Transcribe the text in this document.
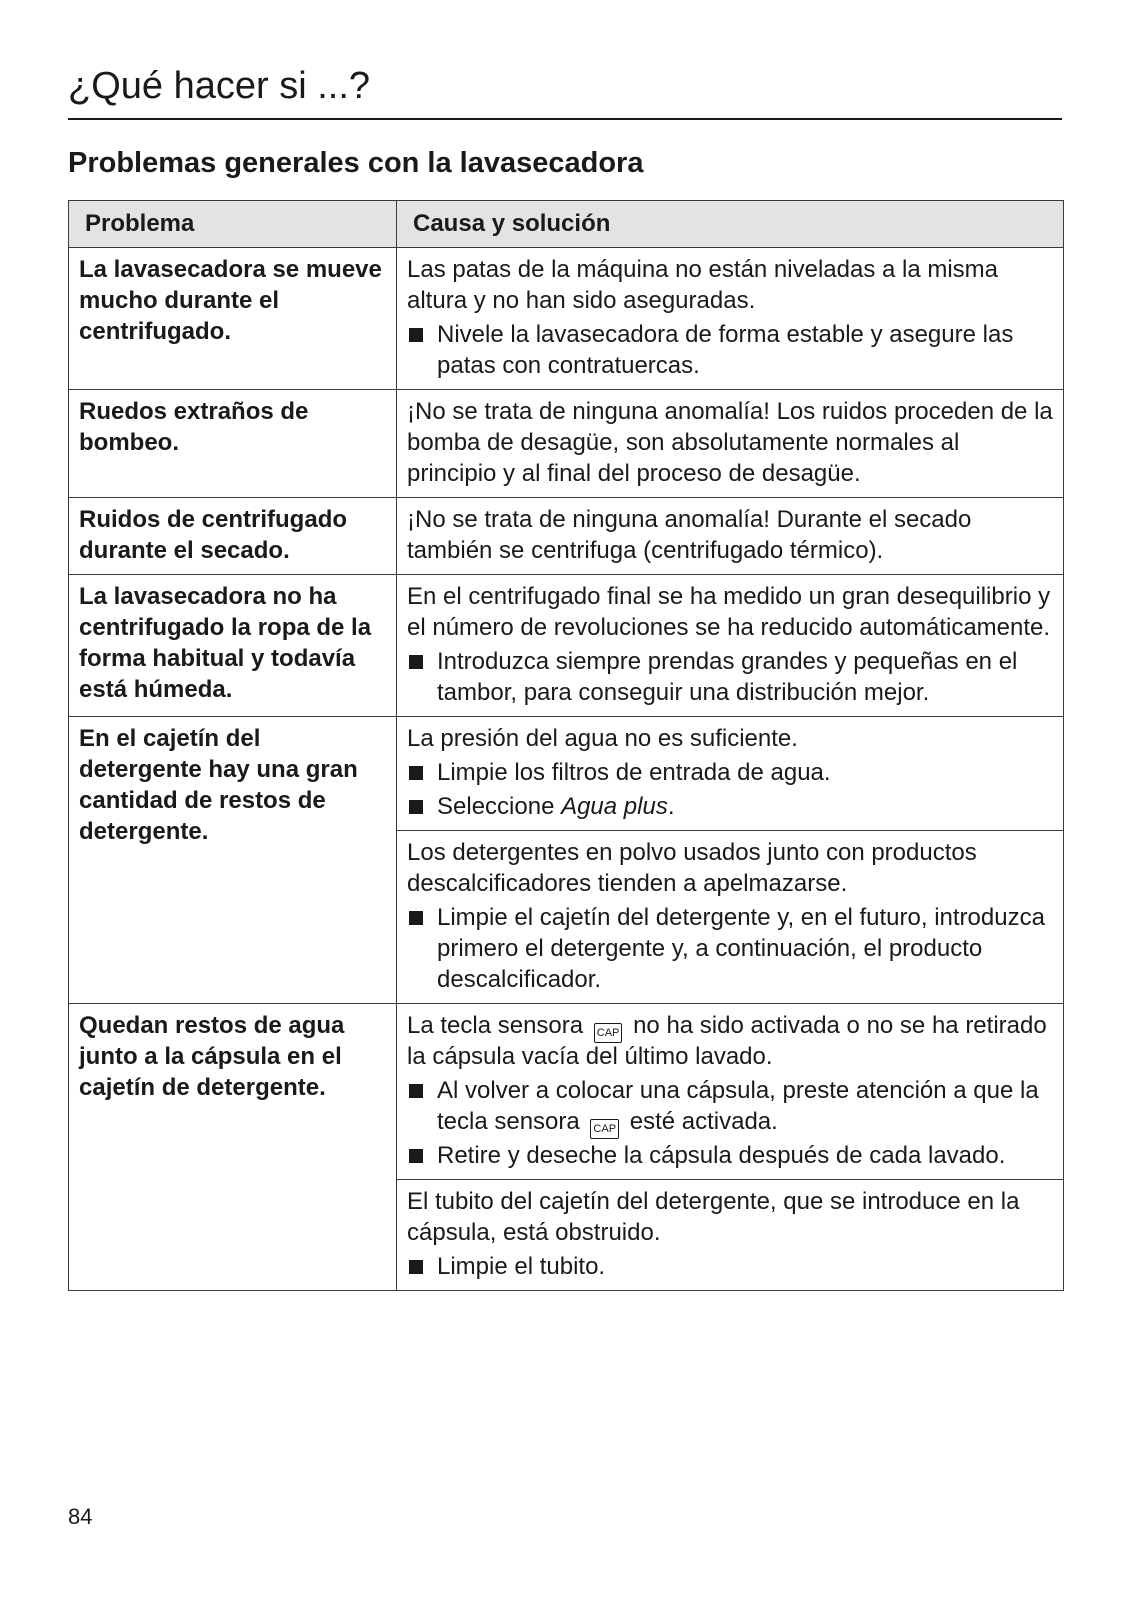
¿Qué hacer si ...?
Problemas generales con la lavasecadora
Problema	Causa y solución
La lavasecadora se mueve mucho durante el centrifugado.	Las patas de la máquina no están niveladas a la misma altura y no han sido aseguradas.

Nivele la lavasecadora de forma estable y asegure las patas con contratuercas.

Ruedos extraños de bombeo.	¡No se trata de ninguna anomalía! Los ruidos proceden de la bomba de desagüe, son absolutamente normales al principio y al final del proceso de desagüe.

Ruidos de centrifugado durante el secado.	¡No se trata de ninguna anomalía! Durante el secado también se centrifuga (centrifugado térmico).

La lavasecadora no ha centrifugado la ropa de la forma habitual y todavía está húmeda.	En el centrifugado final se ha medido un gran desequilibrio y el número de revoluciones se ha reducido automáticamente.

Introduzca siempre prendas grandes y pequeñas en el tambor, para conseguir una distribución mejor.

En el cajetín del detergente hay una gran cantidad de restos de detergente.	La presión del agua no es suficiente.

Limpie los filtros de entrada de agua.
Seleccione Agua plus.

	Los detergentes en polvo usados junto con productos descalcificadores tienden a apelmazarse.

Limpie el cajetín del detergente y, en el futuro, introduzca primero el detergente y, a continuación, el producto descalcificador.

Quedan restos de agua junto a la cápsula en el cajetín de detergente.	La tecla sensora CAP no ha sido activada o no se ha retirado la cápsula vacía del último lavado.

Al volver a colocar una cápsula, preste atención a que la tecla sensora CAP esté activada.
Retire y deseche la cápsula después de cada lavado.

	El tubito del cajetín del detergente, que se introduce en la cápsula, está obstruido.

Limpie el tubito.
84
